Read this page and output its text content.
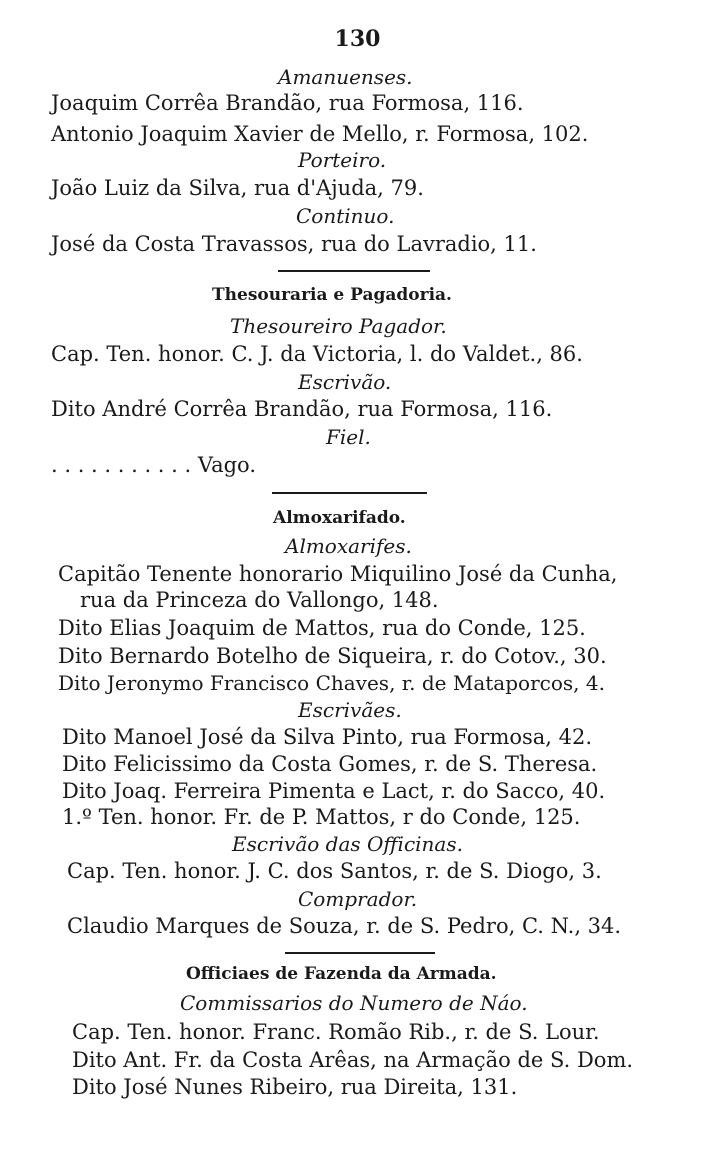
130
Amanuenses.
Joaquim Corrêa Brandão, rua Formosa, 116.
Antonio Joaquim Xavier de Mello, r. Formosa, 102.
Porteiro.
João Luiz da Silva, rua d'Ajuda, 79.
Continuo.
José da Costa Travassos, rua do Lavradio, 11.
Thesouraria e Pagadoria.
Thesoureiro Pagador.
Cap. Ten. honor. C. J. da Victoria, l. do Valdet., 86.
Escrivão.
Dito André Corrêa Brandão, rua Formosa, 116.
Fiel.
. . . . . . . . . . . Vago.
Almoxarifado.
Almoxarifes.
Capitão Tenente honorario Miquilino José da Cunha,
rua da Princeza do Vallongo, 148.
Dito Elias Joaquim de Mattos, rua do Conde, 125.
Dito Bernardo Botelho de Siqueira, r. do Cotov., 30.
Dito Jeronymo Francisco Chaves, r. de Mataporcos, 4.
Escrivães.
Dito Manoel José da Silva Pinto, rua Formosa, 42.
Dito Felicissimo da Costa Gomes, r. de S. Theresa.
Dito Joaq. Ferreira Pimenta e Lact, r. do Sacco, 40.
1.º Ten. honor. Fr. de P. Mattos, r do Conde, 125.
Escrivão das Officinas.
Cap. Ten. honor. J. C. dos Santos, r. de S. Diogo, 3.
Comprador.
Claudio Marques de Souza, r. de S. Pedro, C. N., 34.
Officiaes de Fazenda da Armada.
Commissarios do Numero de Náo.
Cap. Ten. honor. Franc. Romão Rib., r. de S. Lour.
Dito Ant. Fr. da Costa Arêas, na Armação de S. Dom.
Dito José Nunes Ribeiro, rua Direita, 131.
